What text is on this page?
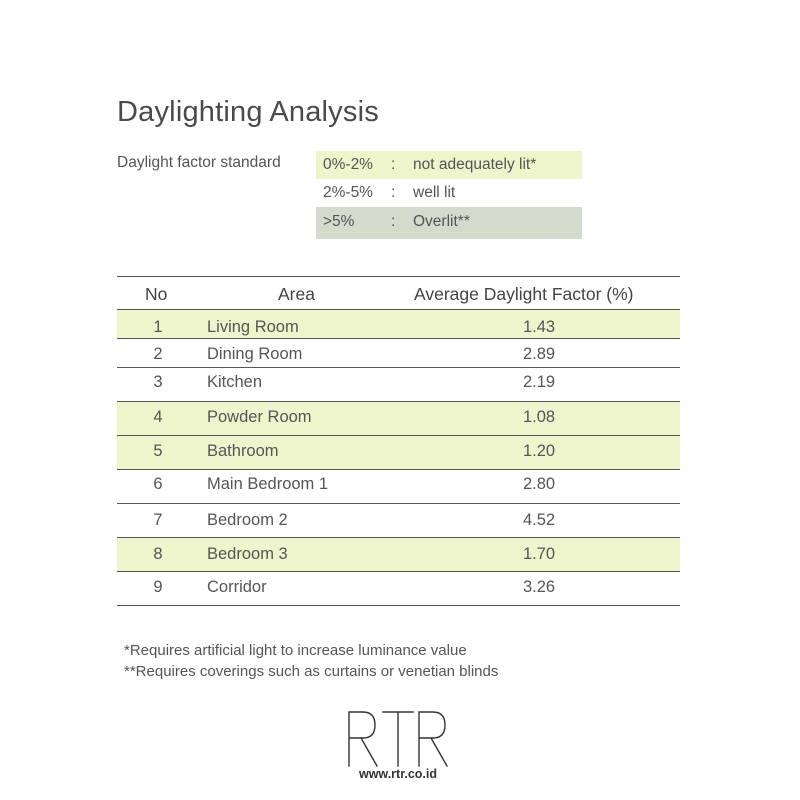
Daylighting Analysis
Daylight factor standard	0%-2% : not adequately lit*
2%-5% : well lit
>5% : Overlit**
No	Area	Average Daylight Factor (%)
1	Living Room	1.43
2	Dining Room	2.89
3	Kitchen	2.19
4	Powder Room	1.08
5	Bathroom	1.20
6	Main Bedroom 1	2.80
7	Bedroom 2	4.52
8	Bedroom 3	1.70
9	Corridor	3.26
*Requires artificial light to increase luminance value
**Requires coverings such as curtains or venetian blinds
www.rtr.co.id
